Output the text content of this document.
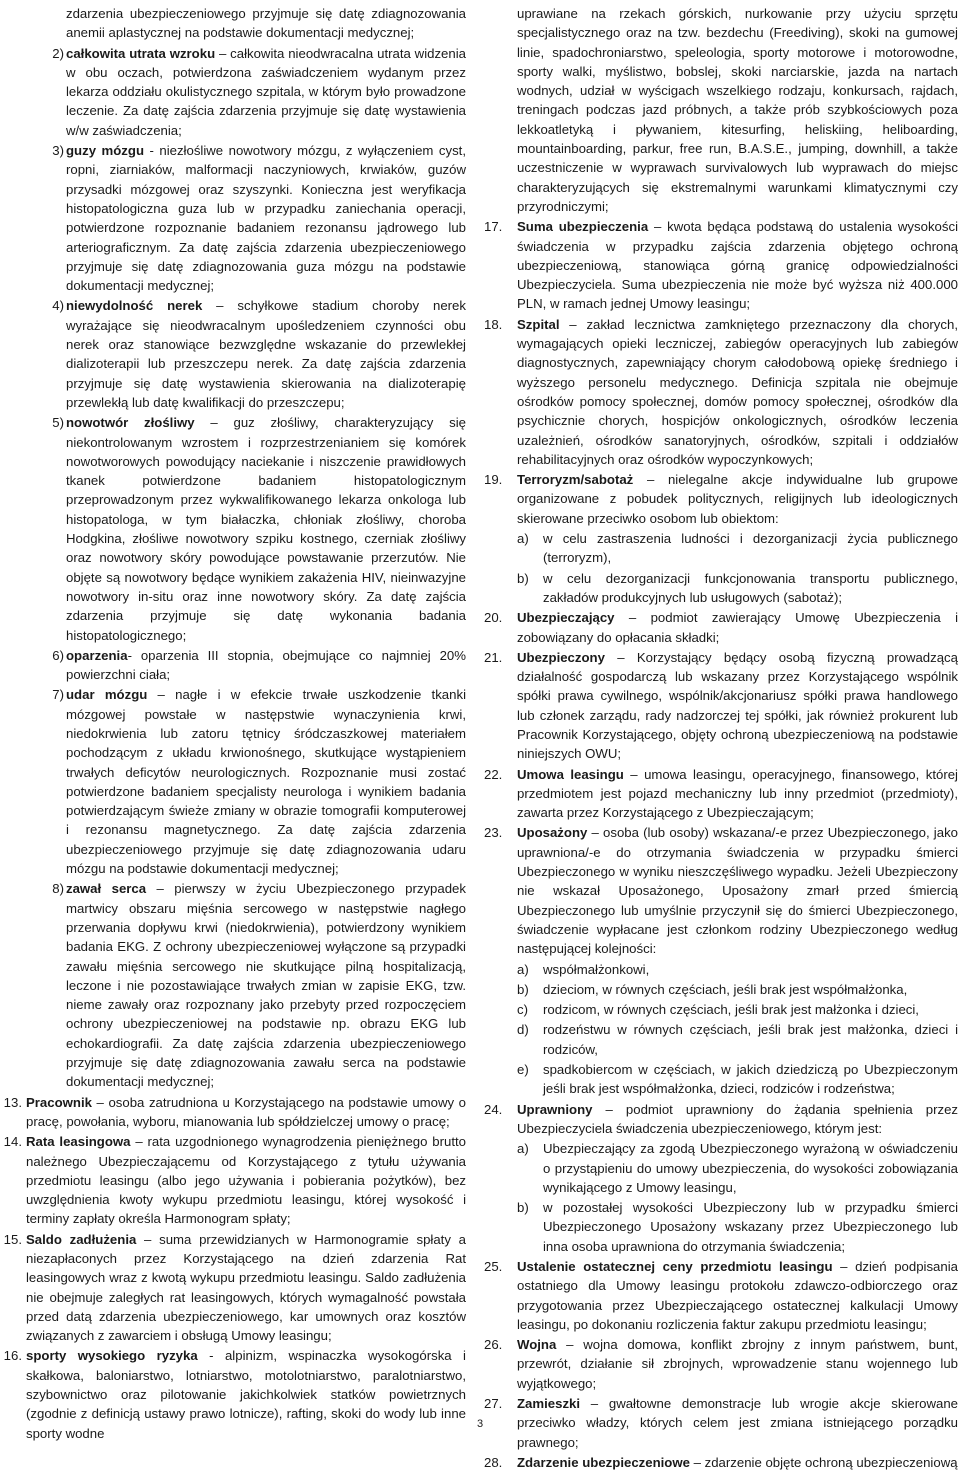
zdarzenia ubezpieczeniowego przyjmuje się datę zdiagnozowania anemii aplastycznej na podstawie dokumentacji medycznej;
2) całkowita utrata wzroku – całkowita nieodwracalna utrata widzenia w obu oczach, potwierdzona zaświadczeniem wydanym przez lekarza oddziału okulistycznego szpitala, w którym było prowadzone leczenie. Za datę zajścia zdarzenia przyjmuje się datę wystawienia w/w zaświadczenia;
3) guzy mózgu - niezłośliwe nowotwory mózgu, z wyłączeniem cyst, ropni, ziarniaków, malformacji naczyniowych, krwiaków, guzów przysadki mózgowej oraz szyszynki. Konieczna jest weryfikacja histopatologiczna guza lub w przypadku zaniechania operacji, potwierdzone rozpoznanie badaniem rezonansu jądrowego lub arteriograficznym. Za datę zajścia zdarzenia ubezpieczeniowego przyjmuje się datę zdiagnozowania guza mózgu na podstawie dokumentacji medycznej;
4) niewydolność nerek – schyłkowe stadium choroby nerek wyrażające się nieodwracalnym upośledzeniem czynności obu nerek oraz stanowiące bezwzględne wskazanie do przewlekłej dializoterapii lub przeszczepu nerek. Za datę zajścia zdarzenia przyjmuje się datę wystawienia skierowania na dializoterapię przewlekłą lub datę kwalifikacji do przeszczepu;
5) nowotwór złośliwy – guz złośliwy, charakteryzujący się niekontrolowanym wzrostem i rozprzestrzenianiem się komórek nowotworowych powodujący naciekanie i niszczenie prawidłowych tkanek potwierdzone badaniem histopatologicznym przeprowadzonym przez wykwalifikowanego lekarza onkologa lub histopatologa, w tym białaczka, chłoniak złośliwy, choroba Hodgkina, złośliwe nowotwory szpiku kostnego, czerniak złośliwy oraz nowotwory skóry powodujące powstawanie przerzutów. Nie objęte są nowotwory będące wynikiem zakażenia HIV, nieinwazyjne nowotwory in-situ oraz inne nowotwory skóry. Za datę zajścia zdarzenia przyjmuje się datę wykonania badania histopatologicznego;
6) oparzenia- oparzenia III stopnia, obejmujące co najmniej 20% powierzchni ciała;
7) udar mózgu – nagłe i w efekcie trwałe uszkodzenie tkanki mózgowej powstałe w następstwie wynaczynienia krwi, niedokrwienia lub zatoru tętnicy śródczaszkowej materiałem pochodzącym z układu krwionośnego, skutkujące wystąpieniem trwałych deficytów neurologicznych. Rozpoznanie musi zostać potwierdzone badaniem specjalisty neurologa i wynikiem badania potwierdzającym świeże zmiany w obrazie tomografii komputerowej i rezonansu magnetycznego. Za datę zajścia zdarzenia ubezpieczeniowego przyjmuje się datę zdiagnozowania udaru mózgu na podstawie dokumentacji medycznej;
8) zawał serca – pierwszy w życiu Ubezpieczonego przypadek martwicy obszaru mięśnia sercowego w następstwie nagłego przerwania dopływu krwi (niedokrwienia), potwierdzony wynikiem badania EKG. Z ochrony ubezpieczeniowej wyłączone są przypadki zawału mięśnia sercowego nie skutkujące pilną hospitalizacją, leczone i nie pozostawiające trwałych zmian w zapisie EKG, tzw. nieme zawały oraz rozpoznany jako przebyty przed rozpoczęciem ochrony ubezpieczeniowej na podstawie np. obrazu EKG lub echokardiografii. Za datę zajścia zdarzenia ubezpieczeniowego przyjmuje się datę zdiagnozowania zawału serca na podstawie dokumentacji medycznej;
13. Pracownik – osoba zatrudniona u Korzystającego na podstawie umowy o pracę, powołania, wyboru, mianowania lub spółdzielczej umowy o pracę;
14. Rata leasingowa – rata uzgodnionego wynagrodzenia pieniężnego brutto należnego Ubezpieczającemu od Korzystającego z tytułu używania przedmiotu leasingu (albo jego używania i pobierania pożytków), bez uwzględnienia kwoty wykupu przedmiotu leasingu, której wysokość i terminy zapłaty określa Harmonogram spłaty;
15. Saldo zadłużenia – suma przewidzianych w Harmonogramie spłaty a niezapłaconych przez Korzystającego na dzień zdarzenia Rat leasingowych wraz z kwotą wykupu przedmiotu leasingu. Saldo zadłużenia nie obejmuje zaległych rat leasingowych, których wymagalność powstała przed datą zdarzenia ubezpieczeniowego, kar umownych oraz kosztów związanych z zawarciem i obsługą Umowy leasingu;
16. sporty wysokiego ryzyka - alpinizm, wspinaczka wysokogórska i skałkowa, baloniarstwo, lotniarstwo, motolotniarstwo, paralotniarstwo, szybownictwo oraz pilotowanie jakichkolwiek statków powietrznych (zgodnie z definicją ustawy prawo lotnicze), rafting, skoki do wody lub inne sporty wodne
uprawiane na rzekach górskich, nurkowanie przy użyciu sprzętu specjalistycznego oraz na tzw. bezdechu (Freediving), skoki na gumowej linie, spadochroniarstwo, speleologia, sporty motorowe i motorowodne, sporty walki, myślistwo, bobslej, skoki narciarskie, jazda na nartach wodnych, udział w wyścigach wszelkiego rodzaju, konkursach, rajdach, treningach podczas jazd próbnych, a także prób szybkościowych poza lekkoatletyką i pływaniem, kitesurfing, heliskiing, heliboarding, mountainboarding, parkur, free run, B.A.S.E., jumping, downhill, a także uczestniczenie w wyprawach survivalowych lub wyprawach do miejsc charakteryzujących się ekstremalnymi warunkami klimatycznymi czy przyrodniczymi;
17.	Suma ubezpieczenia – kwota będąca podstawą do ustalenia wysokości świadczenia w przypadku zajścia zdarzenia objętego ochroną ubezpieczeniową, stanowiąca górną granicę odpowiedzialności Ubezpieczyciela. Suma ubezpieczenia nie może być wyższa niż 400.000 PLN, w ramach jednej Umowy leasingu;
18.	Szpital – zakład lecznictwa zamkniętego przeznaczony dla chorych, wymagających opieki leczniczej, zabiegów operacyjnych lub zabiegów diagnostycznych, zapewniający chorym całodobową opiekę średniego i wyższego personelu medycznego. Definicja szpitala nie obejmuje ośrodków pomocy społecznej, domów pomocy społecznej, ośrodków dla psychicznie chorych, hospicjów onkologicznych, ośrodków leczenia uzależnień, ośrodków sanatoryjnych, ośrodków, szpitali i oddziałów rehabilitacyjnych oraz ośrodków wypoczynkowych;
19.	Terroryzm/sabotaż – nielegalne akcje indywidualne lub grupowe organizowane z pobudek politycznych, religijnych lub ideologicznych skierowane przeciwko osobom lub obiektom:
a) w celu zastraszenia ludności i dezorganizacji życia publicznego (terroryzm),
b) w celu dezorganizacji funkcjonowania transportu publicznego, zakładów produkcyjnych lub usługowych (sabotaż);
20.	Ubezpieczający – podmiot zawierający Umowę Ubezpieczenia i zobowiązany do opłacania składki;
21.	Ubezpieczony – Korzystający będący osobą fizyczną prowadzącą działalność gospodarczą lub wskazany przez Korzystającego wspólnik spółki prawa cywilnego, wspólnik/akcjonariusz spółki prawa handlowego lub członek zarządu, rady nadzorczej tej spółki, jak również prokurent lub Pracownik Korzystającego, objęty ochroną ubezpieczeniową na podstawie niniejszych OWU;
22.	Umowa leasingu – umowa leasingu, operacyjnego, finansowego, której przedmiotem jest pojazd mechaniczny lub inny przedmiot (przedmioty), zawarta przez Korzystającego z Ubezpieczającym;
23.	Uposażony – osoba (lub osoby) wskazana/-e przez Ubezpieczonego, jako uprawniona/-e do otrzymania świadczenia w przypadku śmierci Ubezpieczonego w wyniku nieszczęśliwego wypadku. Jeżeli Ubezpieczony nie wskazał Uposażonego, Uposażony zmarł przed śmiercią Ubezpieczonego lub umyślnie przyczynił się do śmierci Ubezpieczonego, świadczenie wypłacane jest członkom rodziny Ubezpieczonego według następującej kolejności:
a) współmałżonkowi,
b) dzieciom, w równych częściach, jeśli brak jest współmałżonka,
c) rodzicom, w równych częściach, jeśli brak jest małżonka i dzieci,
d) rodzeństwu w równych częściach, jeśli brak jest małżonka, dzieci i rodziców,
e) spadkobiercom w częściach, w jakich dziedziczą po Ubezpieczonym jeśli brak jest współmałżonka, dzieci, rodziców i rodzeństwa;
24.	Uprawniony – podmiot uprawniony do żądania spełnienia przez Ubezpieczyciela świadczenia ubezpieczeniowego, którym jest:
a) Ubezpieczający za zgodą Ubezpieczonego wyrażoną w oświadczeniu o przystąpieniu do umowy ubezpieczenia, do wysokości zobowiązania wynikającego z Umowy leasingu,
b) w pozostałej wysokości Ubezpieczony lub w przypadku śmierci Ubezpieczonego Uposażony wskazany przez Ubezpieczonego lub inna osoba uprawniona do otrzymania świadczenia;
25.	Ustalenie ostatecznej ceny przedmiotu leasingu – dzień podpisania ostatniego dla Umowy leasingu protokołu zdawczo-odbiorczego oraz przygotowania przez Ubezpieczającego ostatecznej kalkulacji Umowy leasingu, po dokonaniu rozliczenia faktur zakupu przedmiotu leasingu;
26.	Wojna – wojna domowa, konflikt zbrojny z innym państwem, bunt, przewrót, działanie sił zbrojnych, wprowadzenie stanu wojennego lub wyjątkowego;
27.	Zamieszki – gwałtowne demonstracje lub wrogie akcje skierowane przeciwko władzy, których celem jest zmiana istniejącego porządku prawnego;
28.	Zdarzenie ubezpieczeniowe – zdarzenie objęte ochroną ubezpieczeniową
3
